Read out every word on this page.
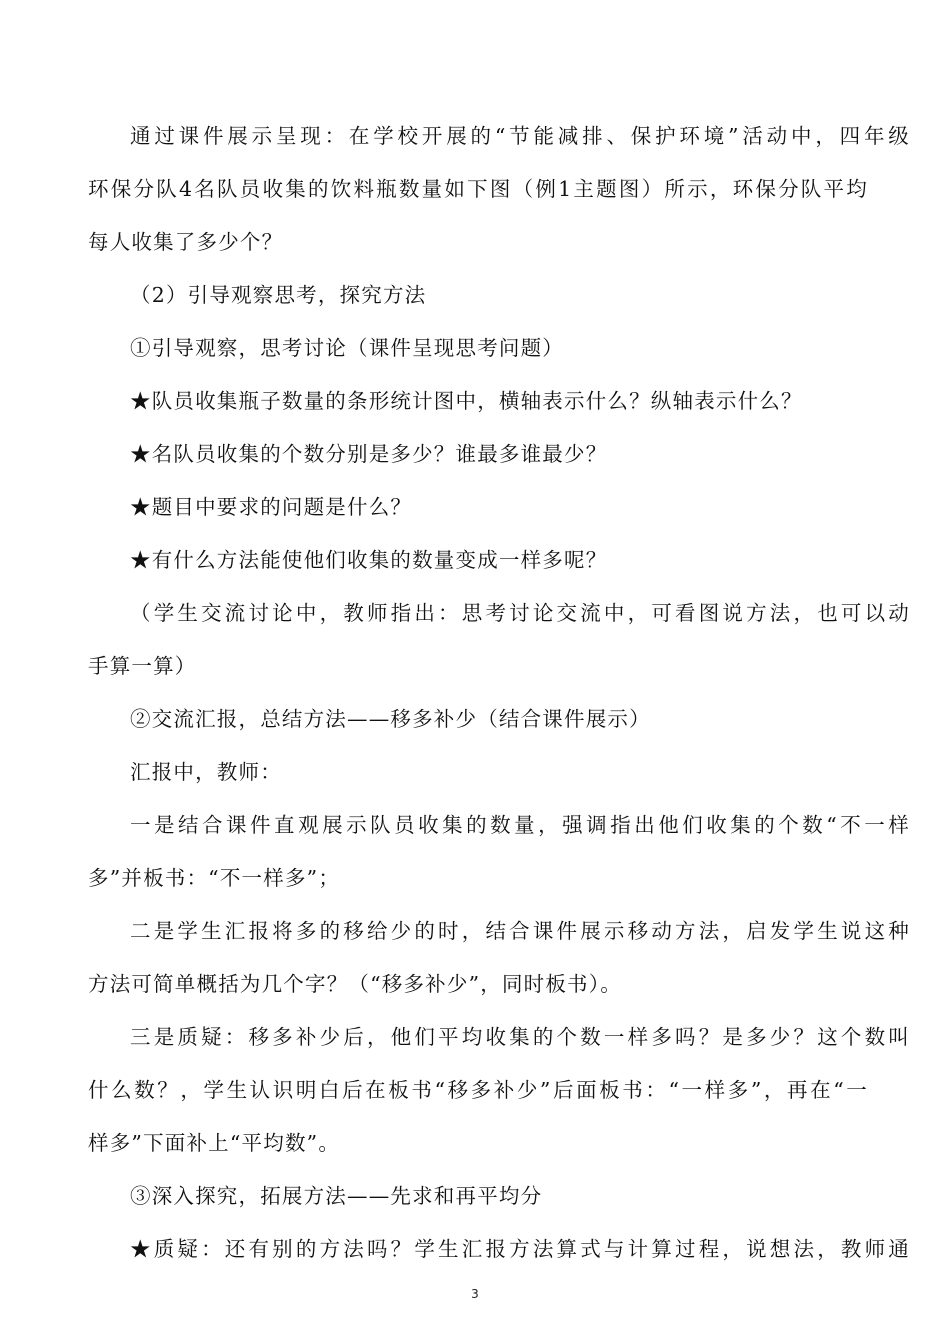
通过课件展示呈现：在学校开展的“节能减排、保护环境”活动中，四年级
环保分队4名队员收集的饮料瓶数量如下图（例1主题图）所示，环保分队平均
每人收集了多少个？
（2）引导观察思考，探究方法
①引导观察，思考讨论（课件呈现思考问题）
★队员收集瓶子数量的条形统计图中，横轴表示什么？纵轴表示什么？
★名队员收集的个数分别是多少？谁最多谁最少？
★题目中要求的问题是什么？
★有什么方法能使他们收集的数量变成一样多呢？
（学生交流讨论中，教师指出：思考讨论交流中，可看图说方法，也可以动
手算一算）
②交流汇报，总结方法——移多补少（结合课件展示）
汇报中，教师：
一是结合课件直观展示队员收集的数量，强调指出他们收集的个数“不一样
多”并板书：“不一样多”；
二是学生汇报将多的移给少的时，结合课件展示移动方法，启发学生说这种
方法可简单概括为几个字？（“移多补少”，同时板书）。
三是质疑：移多补少后，他们平均收集的个数一样多吗？是多少？这个数叫
什么数？，学生认识明白后在板书“移多补少”后面板书：“一样多”，再在“一
样多”下面补上“平均数”。
③深入探究，拓展方法——先求和再平均分
★质疑：还有别的方法吗？学生汇报方法算式与计算过程，说想法，教师通
3
